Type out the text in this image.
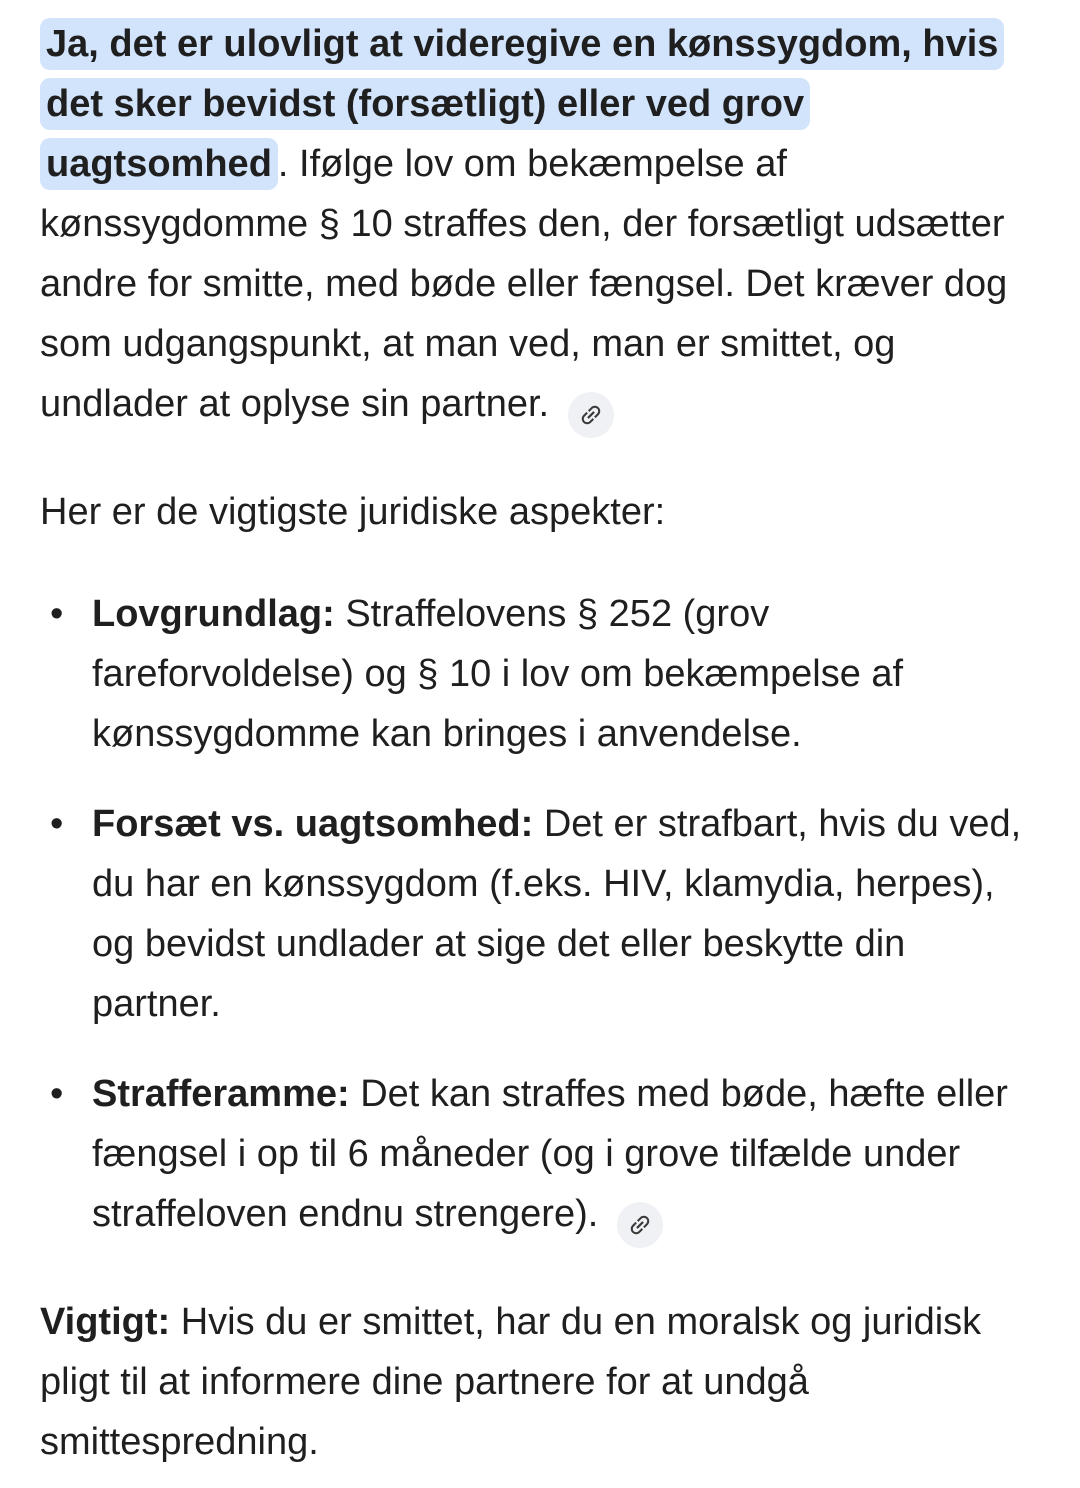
Ja, det er ulovligt at videregive en kønssygdom, hvis det sker bevidst (forsætligt) eller ved grov uagtsomhed . Ifølge lov om bekæmpelse af kønssygdomme § 10 straffes den, der forsætligt udsætter andre for smitte, med bøde eller fængsel. Det kræver dog som udgangspunkt, at man ved, man er smittet, og undlader at oplyse sin partner.

Her er de vigtigste juridiske aspekter:

• Lovgrundlag: Straffelovens § 252 (grov fareforvoldelse) og § 10 i lov om bekæmpelse af kønssygdomme kan bringes i anvendelse.
• Forsæt vs. uagtsomhed: Det er strafbart, hvis du ved, du har en kønssygdom (f.eks. HIV, klamydia, herpes), og bevidst undlader at sige det eller beskytte din partner.
• Strafferamme: Det kan straffes med bøde, hæfte eller fængsel i op til 6 måneder (og i grove tilfælde under straffeloven endnu strengere).

Vigtigt: Hvis du er smittet, har du en moralsk og juridisk pligt til at informere dine partnere for at undgå smittespredning.
